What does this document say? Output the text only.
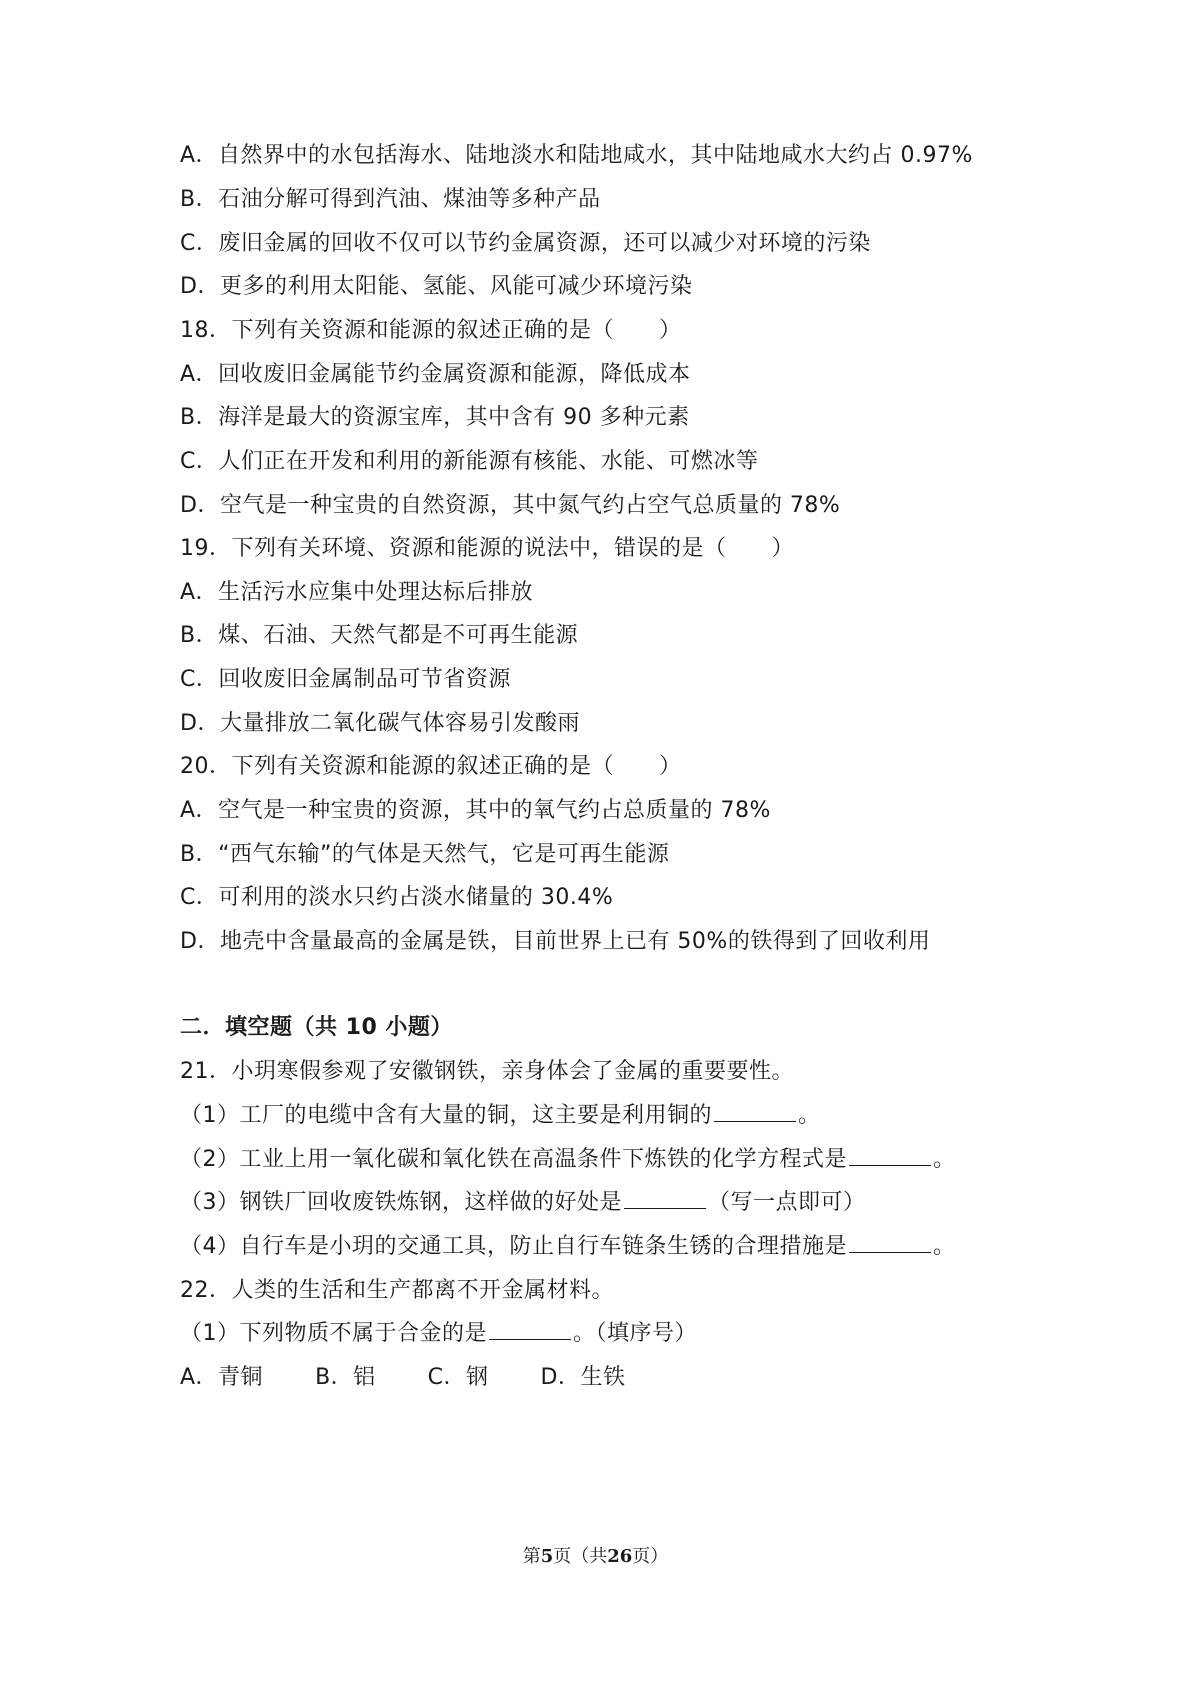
A．自然界中的水包括海水、陆地淡水和陆地咸水，其中陆地咸水大约占 0.97%
B．石油分解可得到汽油、煤油等多种产品
C．废旧金属的回收不仅可以节约金属资源，还可以减少对环境的污染
D．更多的利用太阳能、氢能、风能可减少环境污染
18．下列有关资源和能源的叙述正确的是（　　）
A．回收废旧金属能节约金属资源和能源，降低成本
B．海洋是最大的资源宝库，其中含有 90 多种元素
C．人们正在开发和利用的新能源有核能、水能、可燃冰等
D．空气是一种宝贵的自然资源，其中氮气约占空气总质量的 78%
19．下列有关环境、资源和能源的说法中，错误的是（　　）
A．生活污水应集中处理达标后排放
B．煤、石油、天然气都是不可再生能源
C．回收废旧金属制品可节省资源
D．大量排放二氧化碳气体容易引发酸雨
20．下列有关资源和能源的叙述正确的是（　　）
A．空气是一种宝贵的资源，其中的氧气约占总质量的 78%
B．“西气东输”的气体是天然气，它是可再生能源
C．可利用的淡水只约占淡水储量的 30.4%
D．地壳中含量最高的金属是铁，目前世界上已有 50%的铁得到了回收利用
二．填空题（共 10 小题）
21．小玥寒假参观了安徽钢铁，亲身体会了金属的重要要性。
（1）工厂的电缆中含有大量的铜，这主要是利用铜的	。
（2）工业上用一氧化碳和氧化铁在高温条件下炼铁的化学方程式是	。
（3）钢铁厂回收废铁炼钢，这样做的好处是	（写一点即可）
（4）自行车是小玥的交通工具，防止自行车链条生锈的合理措施是	。
22．人类的生活和生产都离不开金属材料。
（1）下列物质不属于合金的是	。（填序号）
A．青铜 B．铝 C．钢 D．生铁
第5页（共26页）
